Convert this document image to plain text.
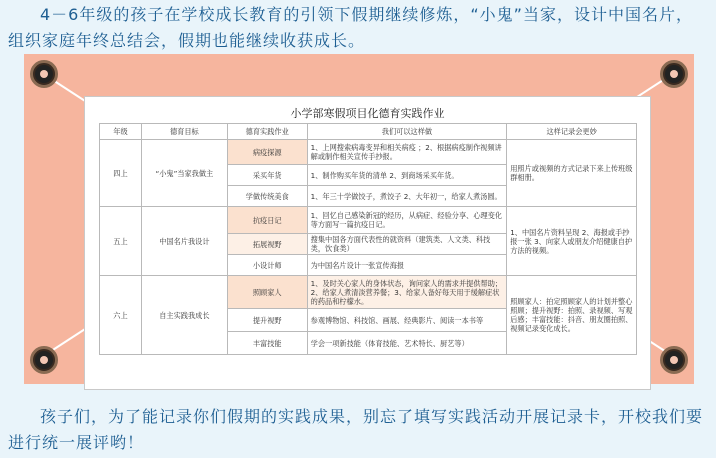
4－6年级的孩子在学校成长教育的引领下假期继续修炼，“小鬼”当家，设计中国名片，组织家庭年终总结会，假期也能继续收获成长。
小学部寒假项目化德育实践作业
年级	德育目标	德育实践作业	我们可以这样做	这样记录会更妙
四上	“小鬼”当家我做主	病疫探源	1、上网搜索病毒变异和相关病疫 ；2、根据病疫制作视频讲解或制作相关宣传手抄报。	用照片或视频的方式记录下来上传班级群相册。
		采买年货	1、制作购买年货的清单 2、到商场采买年货。	
		学做传统美食	1、年三十学做饺子，煮饺子 2、大年初一，给家人煮汤圆。	
五上	中国名片我设计	抗疫日记	1、回忆自己感染新冠的经历，从病症、经验分享、心理变化等方面写一篇抗疫日记。	1、中国名片资料呈现 2、海报或手抄报一张 3、向家人或朋友介绍健康自护方法的视频。
		拓展视野	搜集中国各方面代表性的就资料（建筑类、人文类、科技类，饮食类）	
		小设计师	为中国名片设计一张宣传海报	
六上	自主实践我成长	照顾家人	1、及时关心家人的身体状态，询问家人的需求并提供帮助；2、给家人煮清淡营养餐；3、给家人备好每天用于缓解症状的药品和柠檬水。	照顾家人：拍定照顾家人的计划并整心照顾；提升视野：拍照、录视频、写观后感；丰富技能：抖音、朋友圈拍照、视频记录变化成长。
		提升视野	参观博物馆、科技馆、画展、经典影片、阅读一本书等	
		丰富技能	学会一项新技能（体育技能、艺术特长、厨艺等）	
孩子们，为了能记录你们假期的实践成果，别忘了填写实践活动开展记录卡，开校我们要进行统一展评哟！
